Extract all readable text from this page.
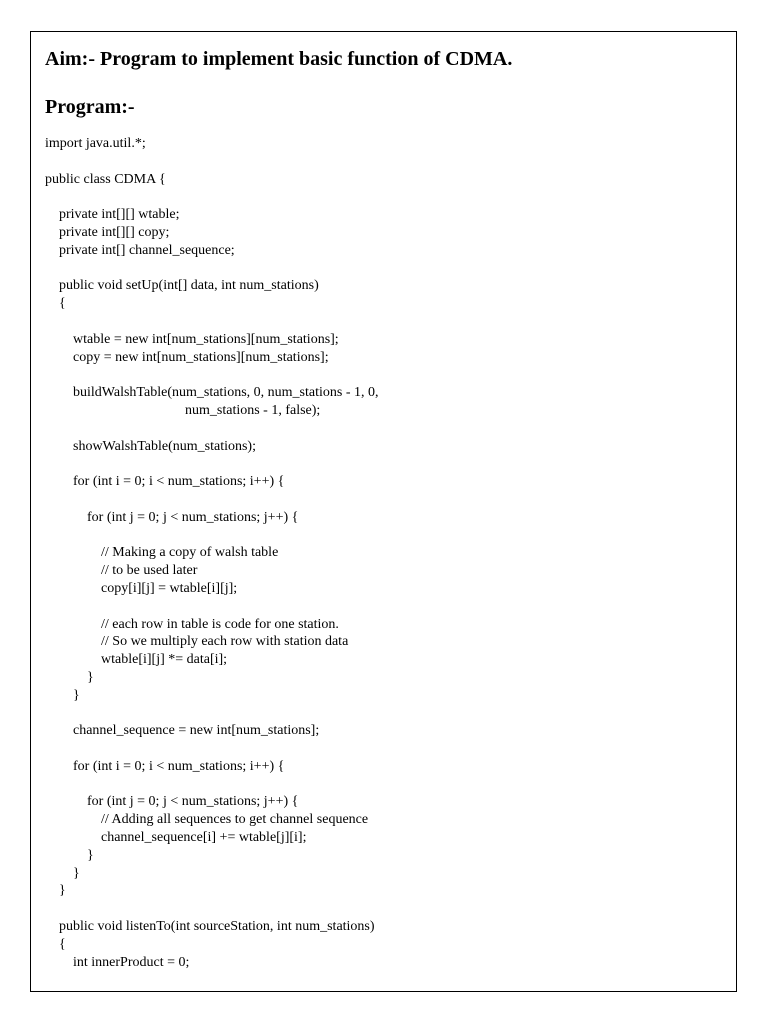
Aim:- Program to implement basic function of CDMA.
Program:-
import java.util.*;
public class CDMA {
private int[][] wtable;
private int[][] copy;
private int[] channel_sequence;
public void setUp(int[] data, int num_stations)
{
wtable = new int[num_stations][num_stations];
copy = new int[num_stations][num_stations];
buildWalshTable(num_stations, 0, num_stations - 1, 0,
num_stations - 1, false);
showWalshTable(num_stations);
for (int i = 0; i < num_stations; i++) {
for (int j = 0; j < num_stations; j++) {
// Making a copy of walsh table
// to be used later
copy[i][j] = wtable[i][j];
// each row in table is code for one station.
// So we multiply each row with station data
wtable[i][j] *= data[i];
}
}
channel_sequence = new int[num_stations];
for (int i = 0; i < num_stations; i++) {
for (int j = 0; j < num_stations; j++) {
// Adding all sequences to get channel sequence
channel_sequence[i] += wtable[j][i];
}
}
}
public void listenTo(int sourceStation, int num_stations)
{
int innerProduct = 0;
